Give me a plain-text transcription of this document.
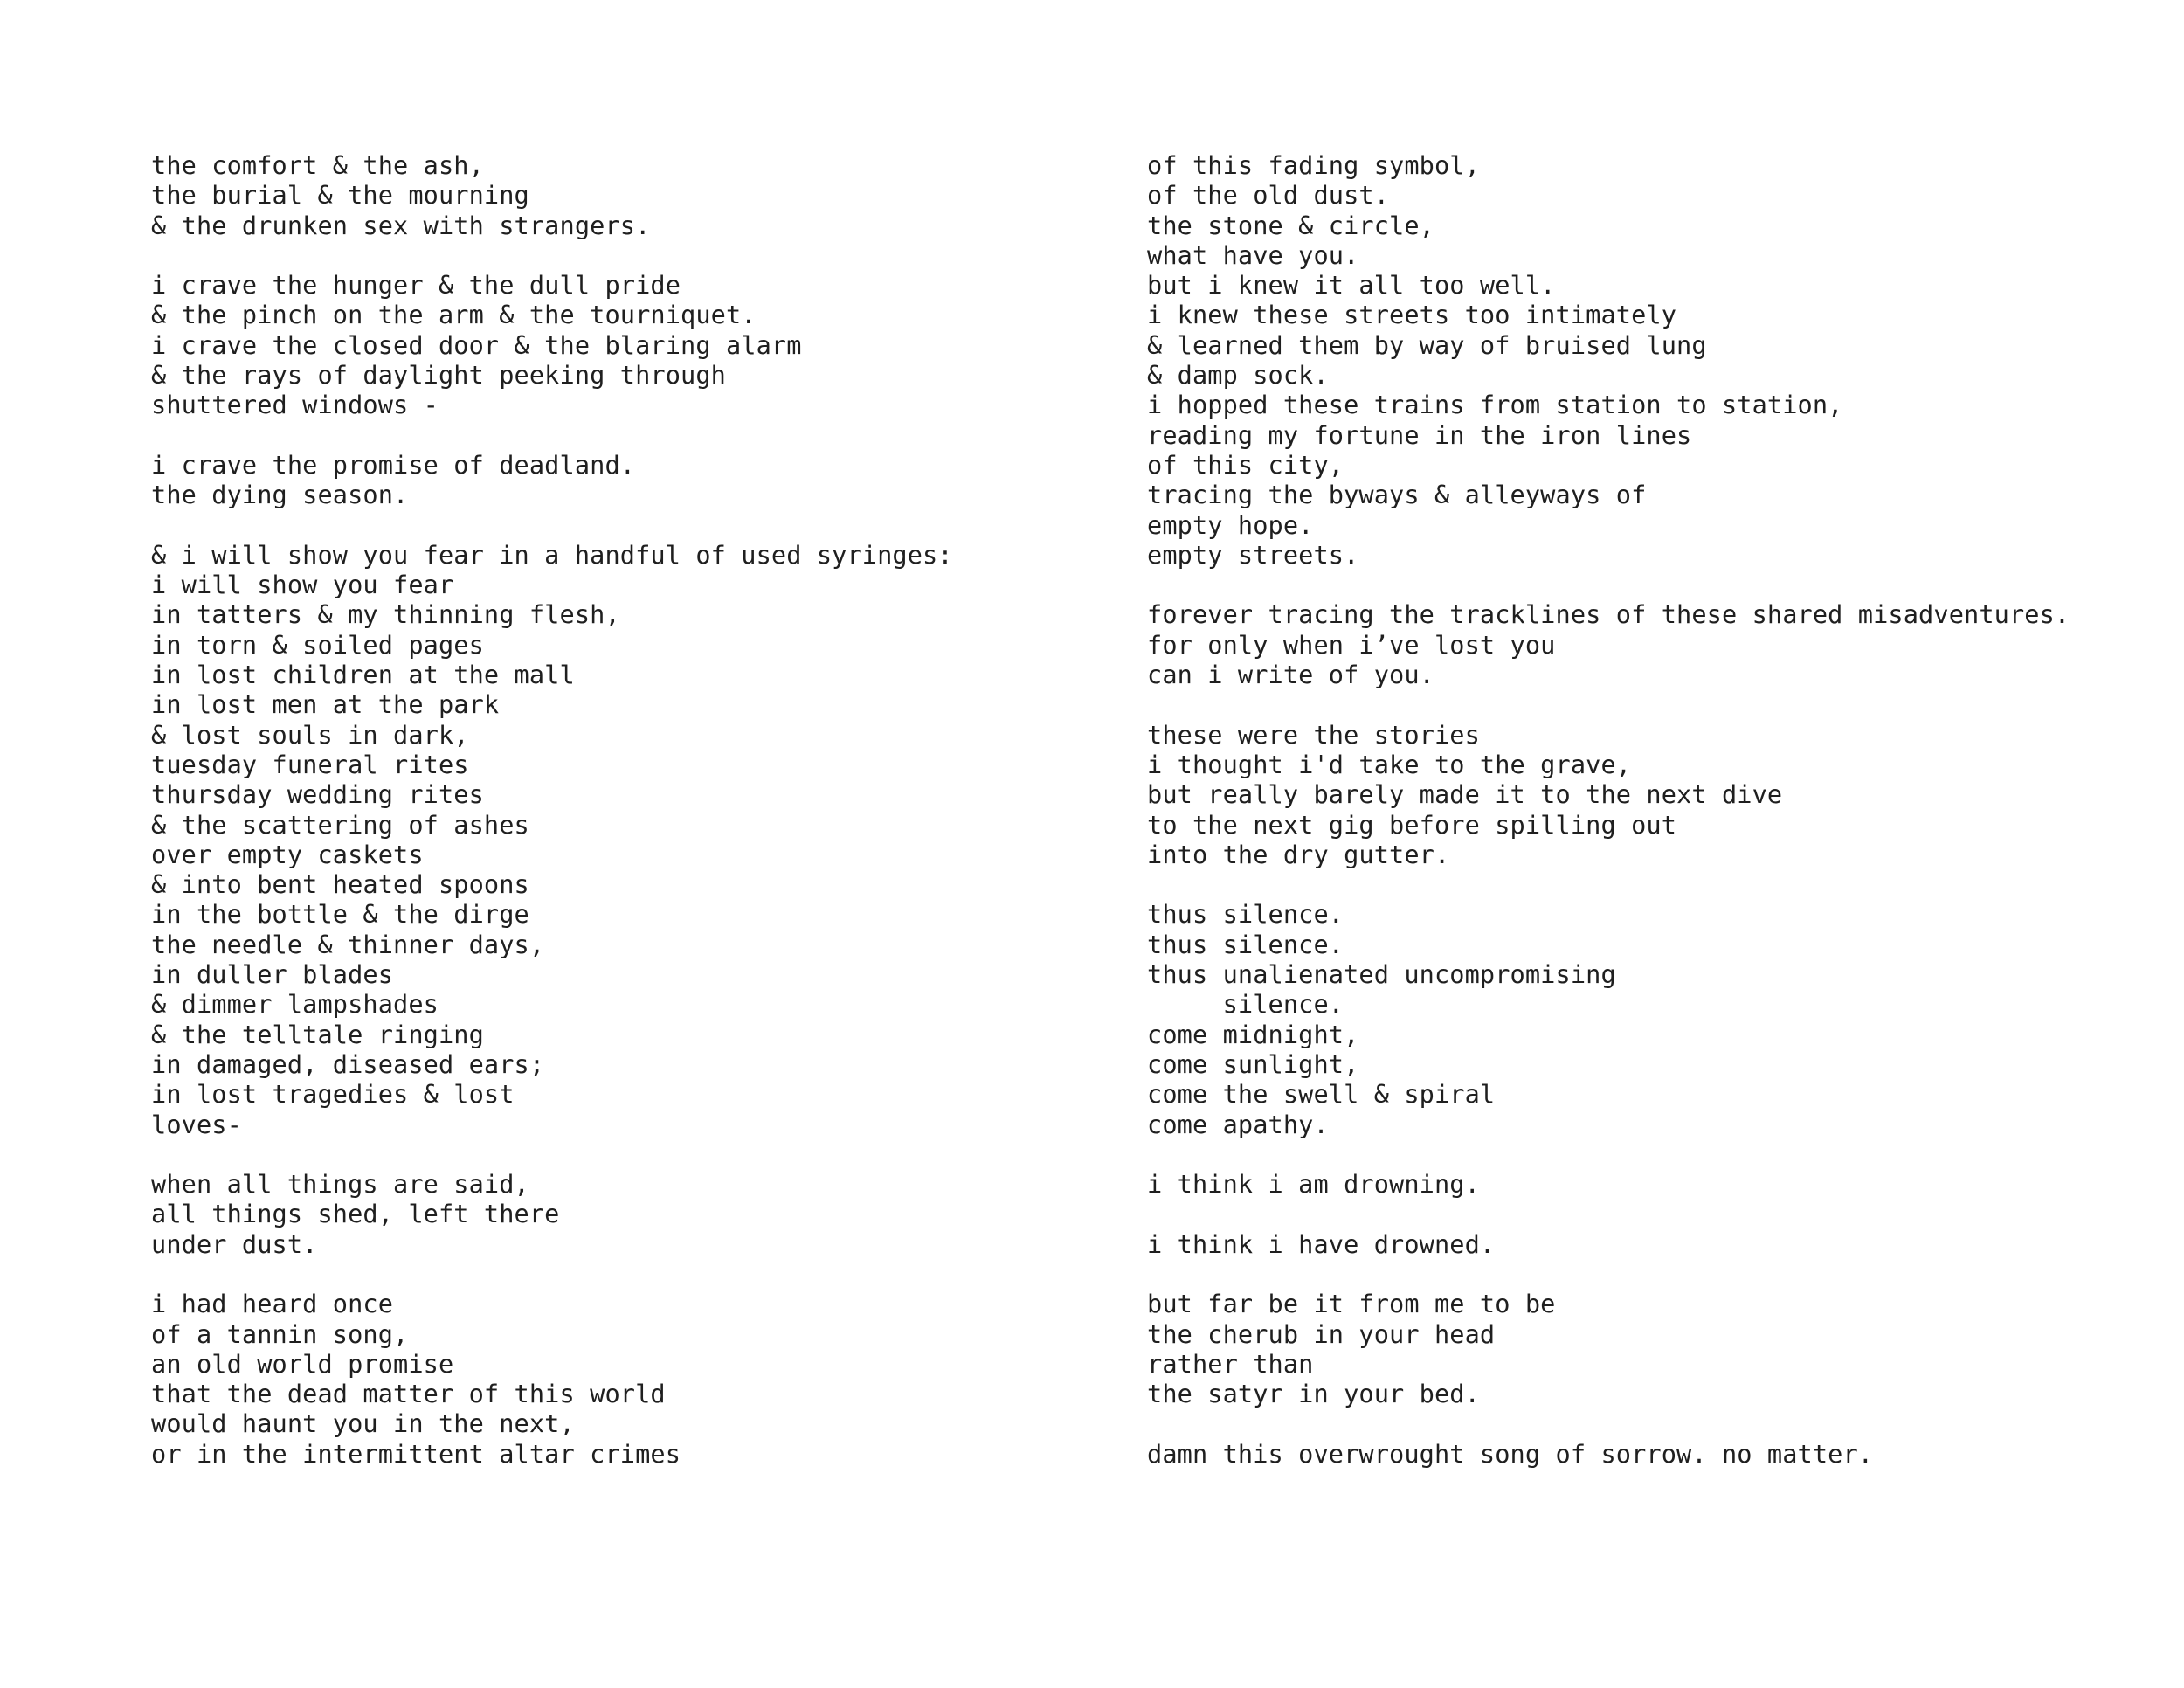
the comfort & the ash,
the burial & the mourning
& the drunken sex with strangers.
i crave the hunger & the dull pride
& the pinch on the arm & the tourniquet.
i crave the closed door & the blaring alarm
& the rays of daylight peeking through
shuttered windows -
i crave the promise of deadland.
the dying season.
& i will show you fear in a handful of used syringes:
i will show you fear
in tatters & my thinning flesh,
in torn & soiled pages
in lost children at the mall
in lost men at the park
& lost souls in dark,
tuesday funeral rites
thursday wedding rites
& the scattering of ashes
over empty caskets
& into bent heated spoons
in the bottle & the dirge
the needle & thinner days,
in duller blades
& dimmer lampshades
& the telltale ringing
in damaged, diseased ears;
in lost tragedies & lost
loves-
when all things are said,
all things shed, left there
under dust.
i had heard once
of a tannin song,
an old world promise
that the dead matter of this world
would haunt you in the next,
or in the intermittent altar crimes
of this fading symbol,
of the old dust.
the stone & circle,
what have you.
but i knew it all too well.
i knew these streets too intimately
& learned them by way of bruised lung
& damp sock.
i hopped these trains from station to station,
reading my fortune in the iron lines
of this city,
tracing the byways & alleyways of
empty hope.
empty streets.
forever tracing the tracklines of these shared misadventures.
for only when i’ve lost you
can i write of you.
these were the stories
i thought i'd take to the grave,
but really barely made it to the next dive
to the next gig before spilling out
into the dry gutter.
thus silence.
thus silence.
thus unalienated uncompromising
silence.
come midnight,
come sunlight,
come the swell & spiral
come apathy.
i think i am drowning.
i think i have drowned.
but far be it from me to be
the cherub in your head
rather than
the satyr in your bed.
damn this overwrought song of sorrow. no matter.
